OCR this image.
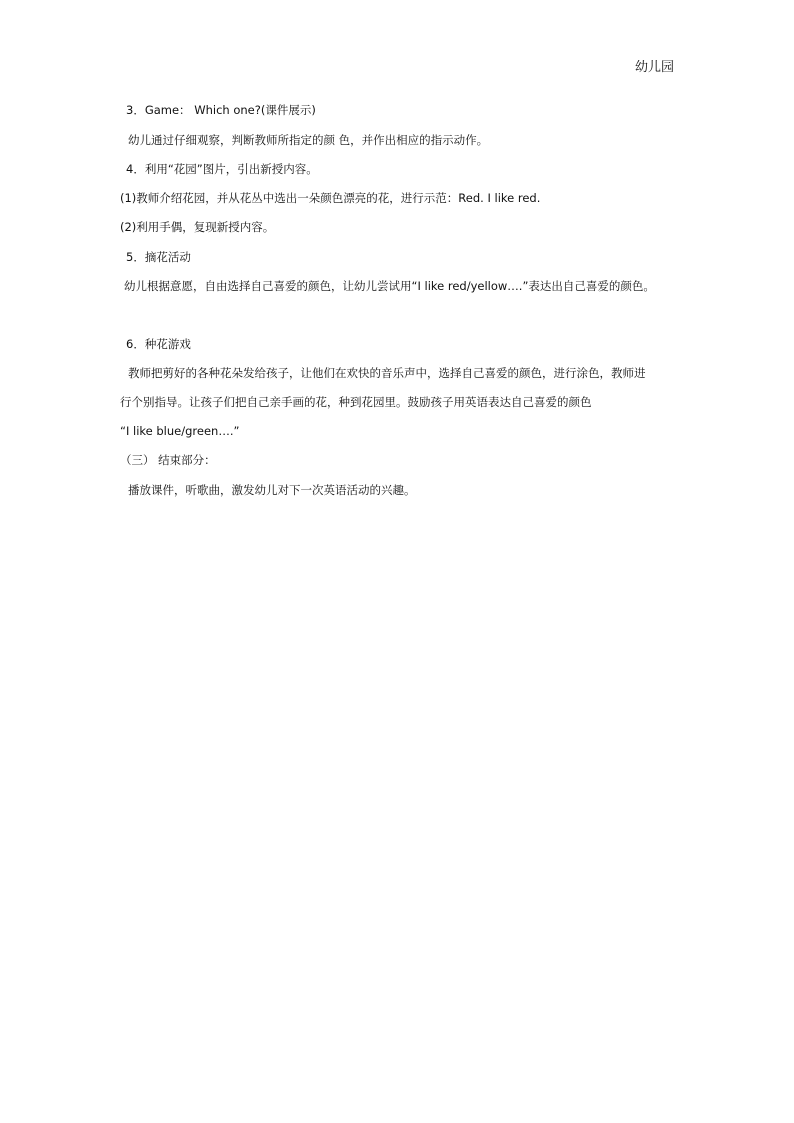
幼儿园
3．Game： Which one?(课件展示)
幼儿通过仔细观察，判断教师所指定的颜 色，并作出相应的指示动作。
4．利用“花园”图片，引出新授内容。
(1)教师介绍花园，并从花丛中选出一朵颜色漂亮的花，进行示范：Red. I like red.
(2)利用手偶，复现新授内容。
5．摘花活动
幼儿根据意愿，自由选择自己喜爱的颜色，让幼儿尝试用“I like red/yellow….”表达出自己喜爱的颜色。
6．种花游戏
教师把剪好的各种花朵发给孩子，让他们在欢快的音乐声中，选择自己喜爱的颜色，进行涂色，教师进
行个别指导。让孩子们把自己亲手画的花，种到花园里。鼓励孩子用英语表达自己喜爱的颜色
“I like blue/green….”
（三） 结束部分：
播放课件，听歌曲，激发幼儿对下一次英语活动的兴趣。
